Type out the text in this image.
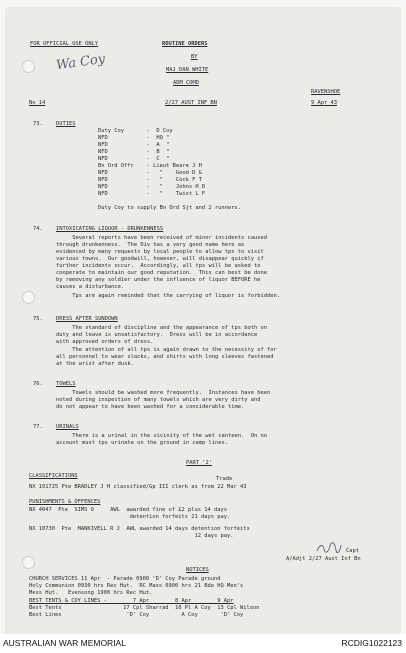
FOR OFFICIAL USE ONLY	ROUTINE ORDERS
BY
MAJ DAN WHITE
ADM COMD
RAVENSHOE
No 14	2/27 AUST INF BN	9 Apr 43
Wa Coy
73. DUTIES
Duty Coy       -  D Coy
NFD            -  HQ "
NFD            -  A  "
NFD            -  B  "
NFD            -  C  "
Bn Ord Offr    - Lieut Beare J H
NFD            -   "    Good D G
NFD            -   "    Cock F T
NFD            -   "    Johns H D
NFD            -   "    Twist L F
Duty Coy to supply Bn Ord Sjt and 2 runners.
74. INTOXICATING LIQUOR - DRUNKENNESS
Several reports have been received of minor incidents caused
through drunkenness.  The Div has a very good name here as
evidenced by many requests by local people to allow tps to visit
various towns.  Our goodwill, however, will disappear quickly if
further incidents occur.  Accordingly, all tps will be asked to
cooperate to maintain our good reputation.  This can best be done
by removing any soldier under the influence of liquor BEFORE he
causes a disturbance.
Tps are again reminded that the carrying of liquor is forbidden.
75. DRESS AFTER SUNDOWN
The standard of discipline and the appearance of tps both on
duty and leave is unsatisfactory.  Dress will be in accordance
with approved orders of dress.
The attention of all tps is again drawn to the necessity of for
all personnel to wear slacks, and shirts with long sleeves fastened
at the wrist after dusk.
76. TOWELS
Towels should be washed more frequently.  Instances have been
noted during inspection of many towels which are very dirty and
do not appear to have been washed for a considerable time.
77. URINALS
There is a urinal in the vicinity of the wet canteen.  On no
account must tps urinate on the ground in camp lines.
PART '2'
CLASSIFICATIONS	Trade
NX 101725 Pte BRADLEY J H classified/Gp III clerk as from 22 Mar 43
PUNISHMENTS & OFFENCES
NX 4047  Pte  SIMS O     AWL  awarded fine of £2 plus 14 days
detention forfeits 21 days pay.
NX 10730  Pte  MANKIVELL R J  AWL awarded 14 days detention forfeits
12 days pay.
Capt
A/Adjt 2/27 Aust Inf Bn
NOTICES
CHURCH SERVICES 11 Apr  - Parade 0900 'D' Coy Parade ground
Holy Communion 0930 hrs Rec Hut.  RC Mass 0900 hrs 21 Bde HQ Men's
Mess Hut.   Evensong 1900 hrs Rec Hut.
BEST TENTS & COY LINES -        7 Apr        8 Apr        9 Apr
Best Tents                   17 Cpl Sharrad  10 Pl A Coy  13 Cpl Wilson
Best Lines                    'D' Coy          A Coy       'D' Coy
AUSTRALIAN WAR MEMORIAL	RCDIG1022123
